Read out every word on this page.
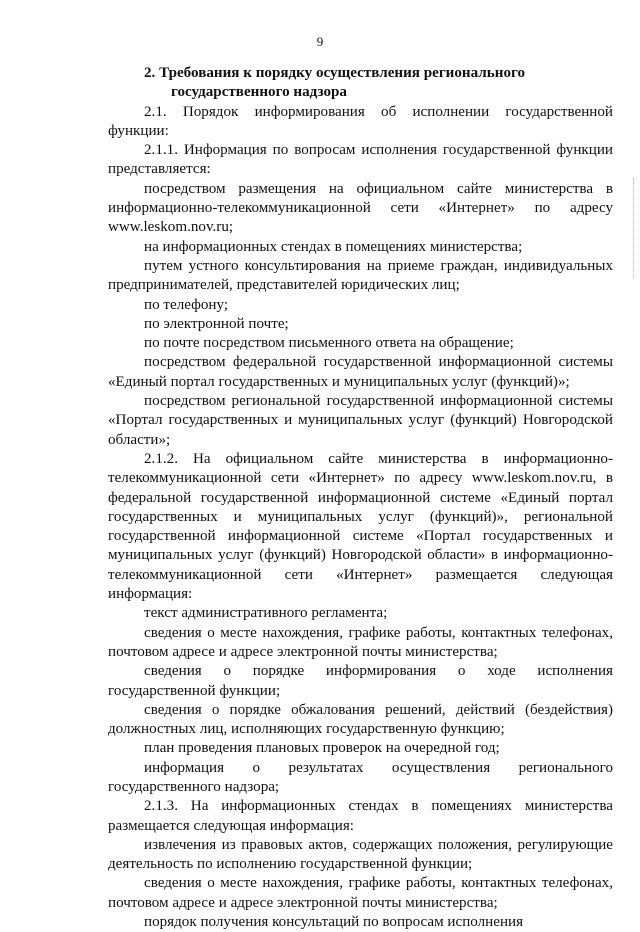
9

2. Требования к порядку осуществления регионального
государственного надзора

2.1. Порядок информирования об исполнении государственной функции:

2.1.1. Информация по вопросам исполнения государственной функции представляется:

посредством размещения на официальном сайте министерства в информационно-телекоммуникационной сети «Интернет» по адресу www.leskom.nov.ru;

на информационных стендах в помещениях министерства;

путем устного консультирования на приеме граждан, индивидуальных предпринимателей, представителей юридических лиц;

по телефону;

по электронной почте;

по почте посредством письменного ответа на обращение;

посредством федеральной государственной информационной системы «Единый портал государственных и муниципальных услуг (функций)»;

посредством региональной государственной информационной системы «Портал государственных и муниципальных услуг (функций) Новгородской области»;

2.1.2. На официальном сайте министерства в информационно-телекоммуникационной сети «Интернет» по адресу www.leskom.nov.ru, в федеральной государственной информационной системе «Единый портал государственных и муниципальных услуг (функций)», региональной государственной информационной системе «Портал государственных и муниципальных услуг (функций) Новгородской области» в информационно-телекоммуникационной сети «Интернет» размещается следующая информация:

текст административного регламента;

сведения о месте нахождения, графике работы, контактных телефонах, почтовом адресе и адресе электронной почты министерства;

сведения о порядке информирования о ходе исполнения государственной функции;

сведения о порядке обжалования решений, действий (бездействия) должностных лиц, исполняющих государственную функцию;

план проведения плановых проверок на очередной год;

информация о результатах осуществления регионального государственного надзора;

2.1.3. На информационных стендах в помещениях министерства размещается следующая информация:

извлечения из правовых актов, содержащих положения, регулирующие деятельность по исполнению государственной функции;

сведения о месте нахождения, графике работы, контактных телефонах, почтовом адресе и адресе электронной почты министерства;

порядок получения консультаций по вопросам исполнения
